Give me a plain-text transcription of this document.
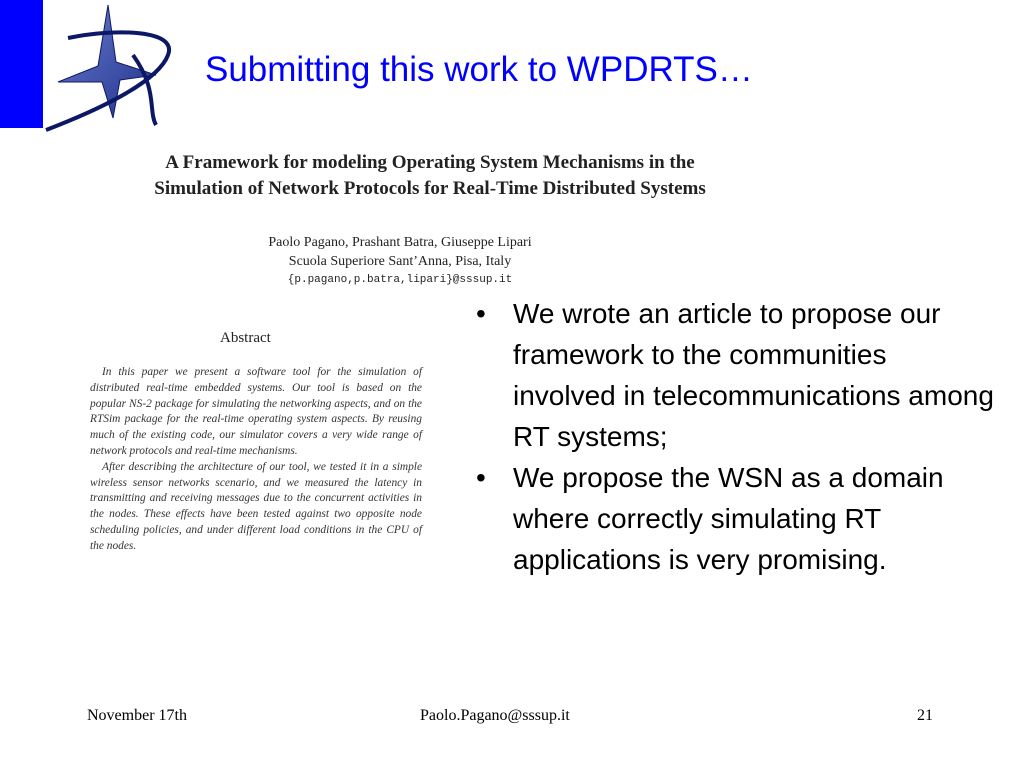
Submitting this work to WPDRTS…
A Framework for modeling Operating System Mechanisms in the
Simulation of Network Protocols for Real-Time Distributed Systems
Paolo Pagano, Prashant Batra, Giuseppe Lipari
Scuola Superiore Sant’Anna, Pisa, Italy
{p.pagano,p.batra,lipari}@sssup.it
Abstract

In this paper we present a software tool for the simulation of distributed real-time embedded systems. Our tool is based on the popular NS-2 package for simulating the networking aspects, and on the RTSim package for the real-time operating system aspects. By reusing much of the existing code, our simulator covers a very wide range of network protocols and real-time mechanisms.

After describing the architecture of our tool, we tested it in a simple wireless sensor networks scenario, and we measured the latency in transmitting and receiving messages due to the concurrent activities in the nodes. These effects have been tested against two opposite node scheduling policies, and under different load conditions in the CPU of the nodes.

• We wrote an article to propose our framework to the communities involved in telecommunications among RT systems;
• We propose the WSN as a domain where correctly simulating RT applications is very promising.
November 17th	Paolo.Pagano@sssup.it	21
